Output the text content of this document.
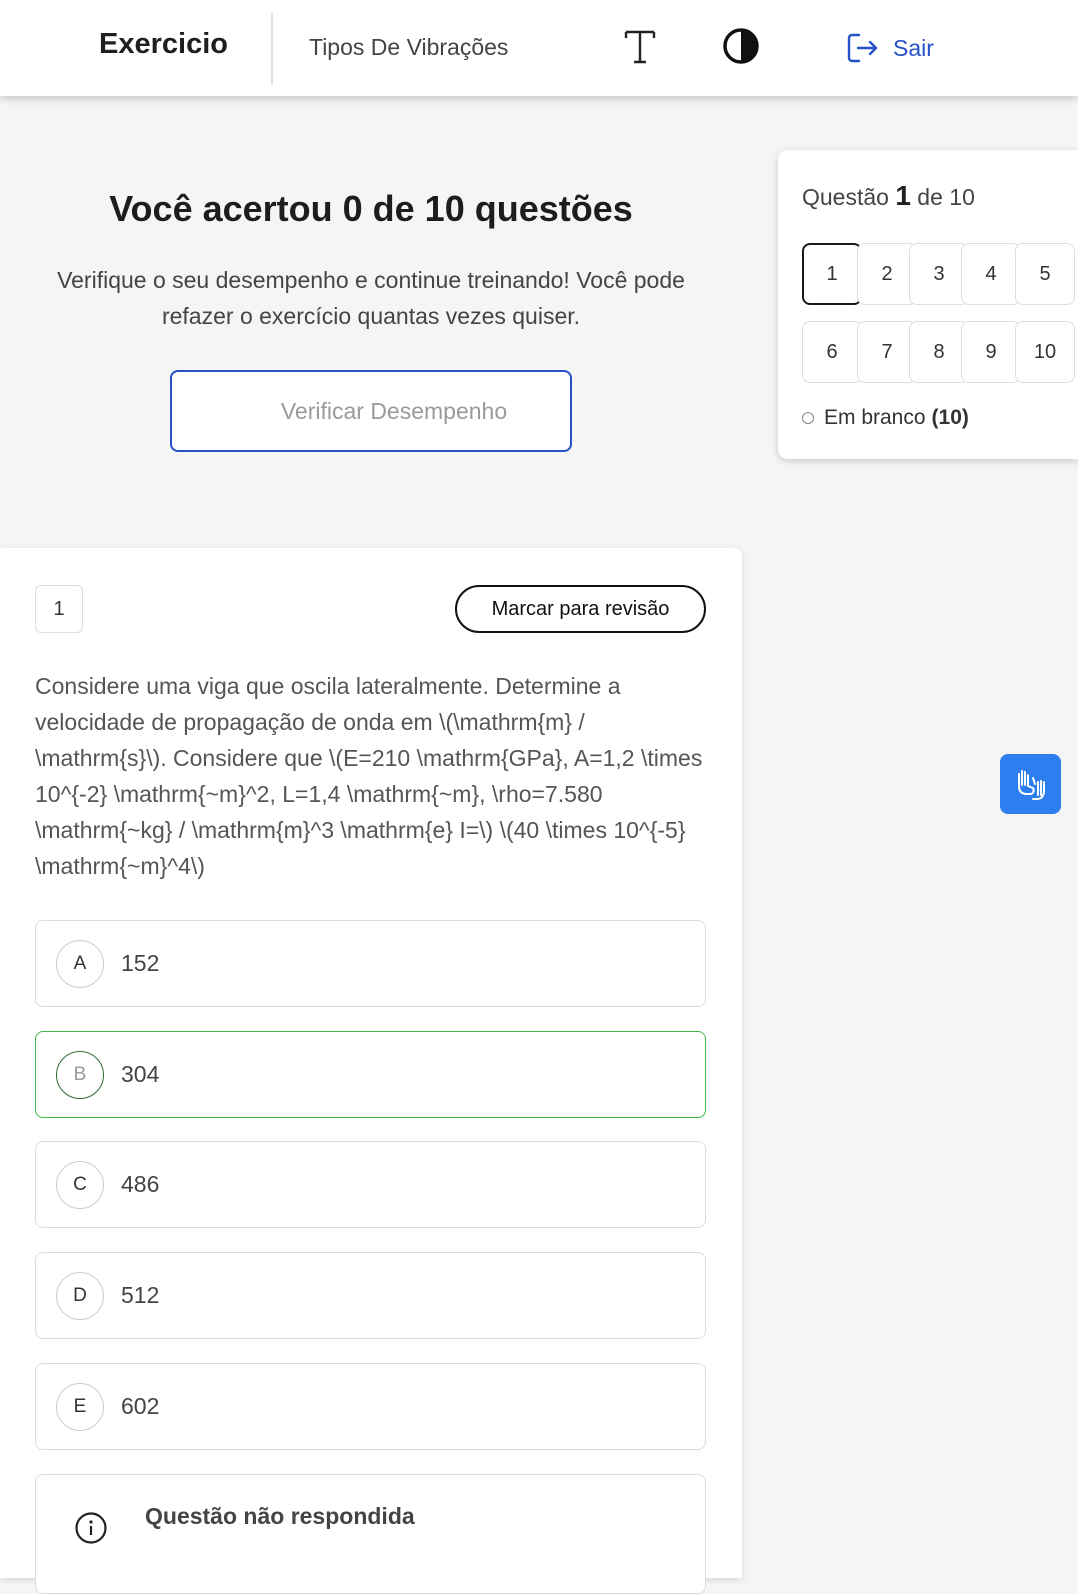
Exercicio	Tipos De Vibrações	Sair
Você acertou 0 de 10 questões
Verifique o seu desempenho e continue treinando! Você pode refazer o exercício quantas vezes quiser.
Verificar Desempenho
Questão 1 de 10
1	2	3	4	5
6	7	8	9	10
Em branco (10)
1	Marcar para revisão
Considere uma viga que oscila lateralmente. Determine a velocidade de propagação de onda em \(\mathrm{m} / \mathrm{s}\). Considere que \(E=210 \mathrm{GPa}, A=1,2 \times 10^{-2} \mathrm{~m}^2, L=1,4 \mathrm{~m}, \rho=7.580 \mathrm{~kg} / \mathrm{m}^3 \mathrm{e} I=\) \(40 \times 10^{-5} \mathrm{~m}^4\)
A	152
B	304
C	486
D	512
E	602
Questão não respondida
